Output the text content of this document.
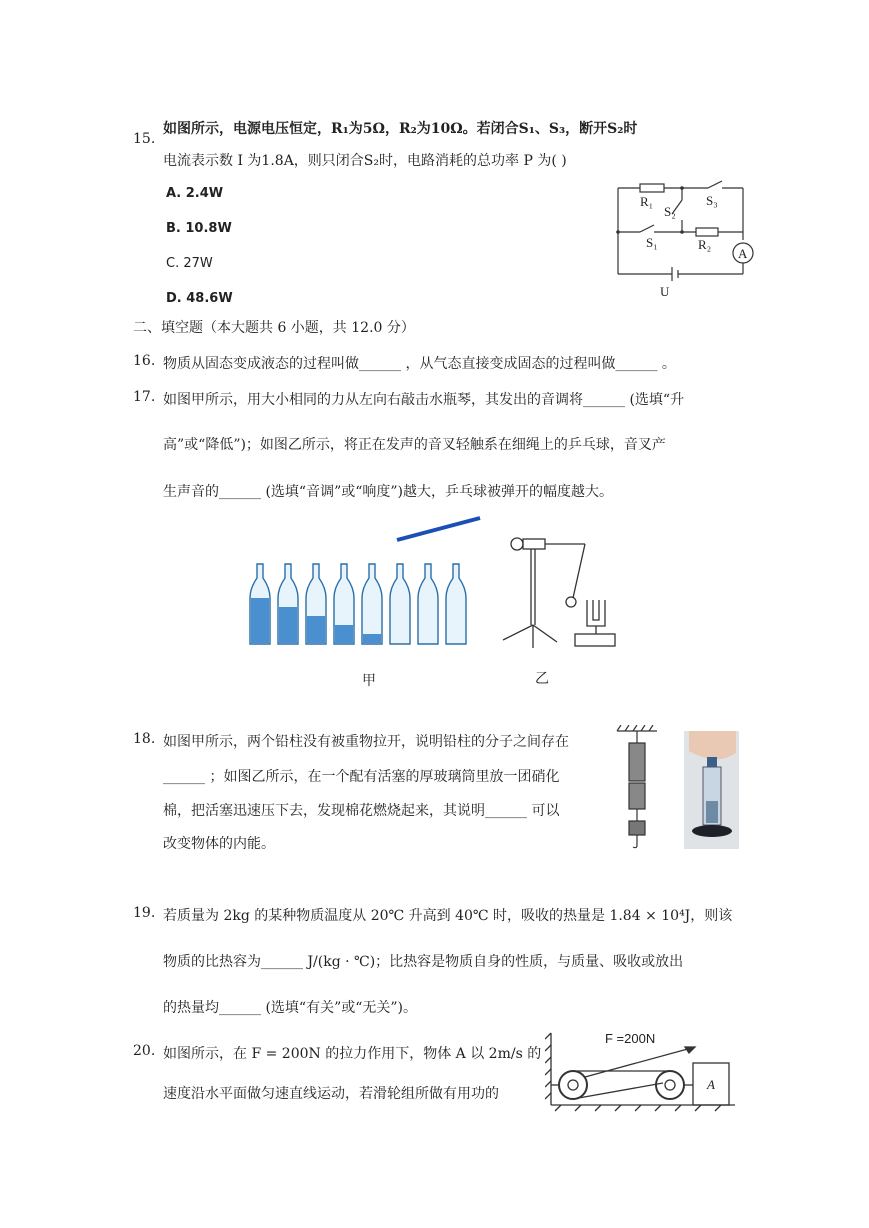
15.
如图所示，电源电压恒定，R₁为5Ω，R₂为10Ω。若闭合S₁、S₃，断开S₂时
电流表示数 I 为1.8A，则只闭合S₂时，电路消耗的总功率 P 为( )
A. 2.4W
B. 10.8W
C. 27W
D. 48.6W
R₁
S₂
S₃
S₁	R₂
A
U
二、填空题（本大题共 6 小题，共 12.0 分）
16. 物质从固态变成液态的过程叫做______ ，从气态直接变成固态的过程叫做______ 。
17. 如图甲所示，用大小相同的力从左向右敲击水瓶琴，其发出的音调将______ (选填“升
高”或“降低”)；如图乙所示，将正在发声的音叉轻触系在细绳上的乒乓球，音叉产
生声音的______ (选填“音调”或“响度”)越大，乒乓球被弹开的幅度越大。
甲	乙
18. 如图甲所示，两个铅柱没有被重物拉开，说明铅柱的分子之间存在
______ ；如图乙所示，在一个配有活塞的厚玻璃筒里放一团硝化
棉，把活塞迅速压下去，发现棉花燃烧起来，其说明______ 可以
改变物体的内能。
19. 若质量为 2kg 的某种物质温度从 20℃ 升高到 40℃ 时，吸收的热量是 1.84 × 10⁴J，则该
物质的比热容为______ J/(kg · ℃)；比热容是物质自身的性质，与质量、吸收或放出
的热量均______ (选填“有关”或“无关”)。
20. 如图所示，在 F = 200N 的拉力作用下，物体 A 以 2m/s 的
速度沿水平面做匀速直线运动，若滑轮组所做有用功的
F =200N
A
